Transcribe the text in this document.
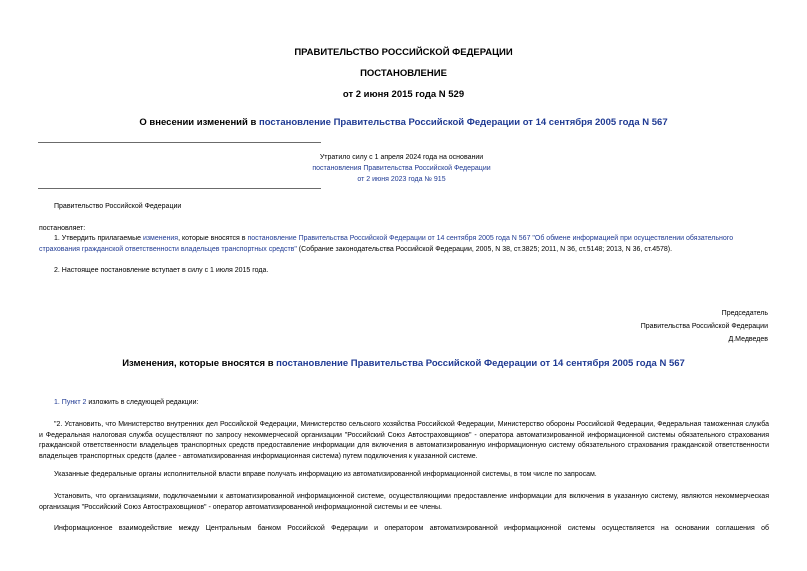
ПРАВИТЕЛЬСТВО РОССИЙСКОЙ ФЕДЕРАЦИИ
ПОСТАНОВЛЕНИЕ
от 2 июня 2015 года N 529
О внесении изменений в постановление Правительства Российской Федерации от 14 сентября 2005 года N 567
Утратило силу с 1 апреля 2024 года на основании
постановления Правительства Российской Федерации
от 2 июня 2023 года № 915
Правительство Российской Федерации
постановляет:
1. Утвердить прилагаемые изменения, которые вносятся в постановление Правительства Российской Федерации от 14 сентября 2005 года N 567 "Об обмене информацией при осуществлении обязательного страхования гражданской ответственности владельцев транспортных средств" (Собрание законодательства Российской Федерации, 2005, N 38, ст.3825; 2011, N 36, ст.5148; 2013, N 36, ст.4578).
2. Настоящее постановление вступает в силу с 1 июля 2015 года.
Председатель
Правительства Российской Федерации
Д.Медведев
Изменения, которые вносятся в постановление Правительства Российской Федерации от 14 сентября 2005 года N 567
1. Пункт 2 изложить в следующей редакции:
"2. Установить, что Министерство внутренних дел Российской Федерации, Министерство сельского хозяйства Российской Федерации, Министерство обороны Российской Федерации, Федеральная таможенная служба и Федеральная налоговая служба осуществляют по запросу некоммерческой организации "Российский Союз Автостраховщиков" - оператора автоматизированной информационной системы обязательного страхования гражданской ответственности владельцев транспортных средств предоставление информации для включения в автоматизированную информационную систему обязательного страхования гражданской ответственности владельцев транспортных средств (далее - автоматизированная информационная система) путем подключения к указанной системе.
Указанные федеральные органы исполнительной власти вправе получать информацию из автоматизированной информационной системы, в том числе по запросам.
Установить, что организациями, подключаемыми к автоматизированной информационной системе, осуществляющими предоставление информации для включения в указанную систему, являются некоммерческая организация "Российский Союз Автостраховщиков" - оператор автоматизированной информационной системы и ее члены.
Информационное взаимодействие между Центральным банком Российской Федерации и оператором автоматизированной информационной системы осуществляется на основании соглашения об
